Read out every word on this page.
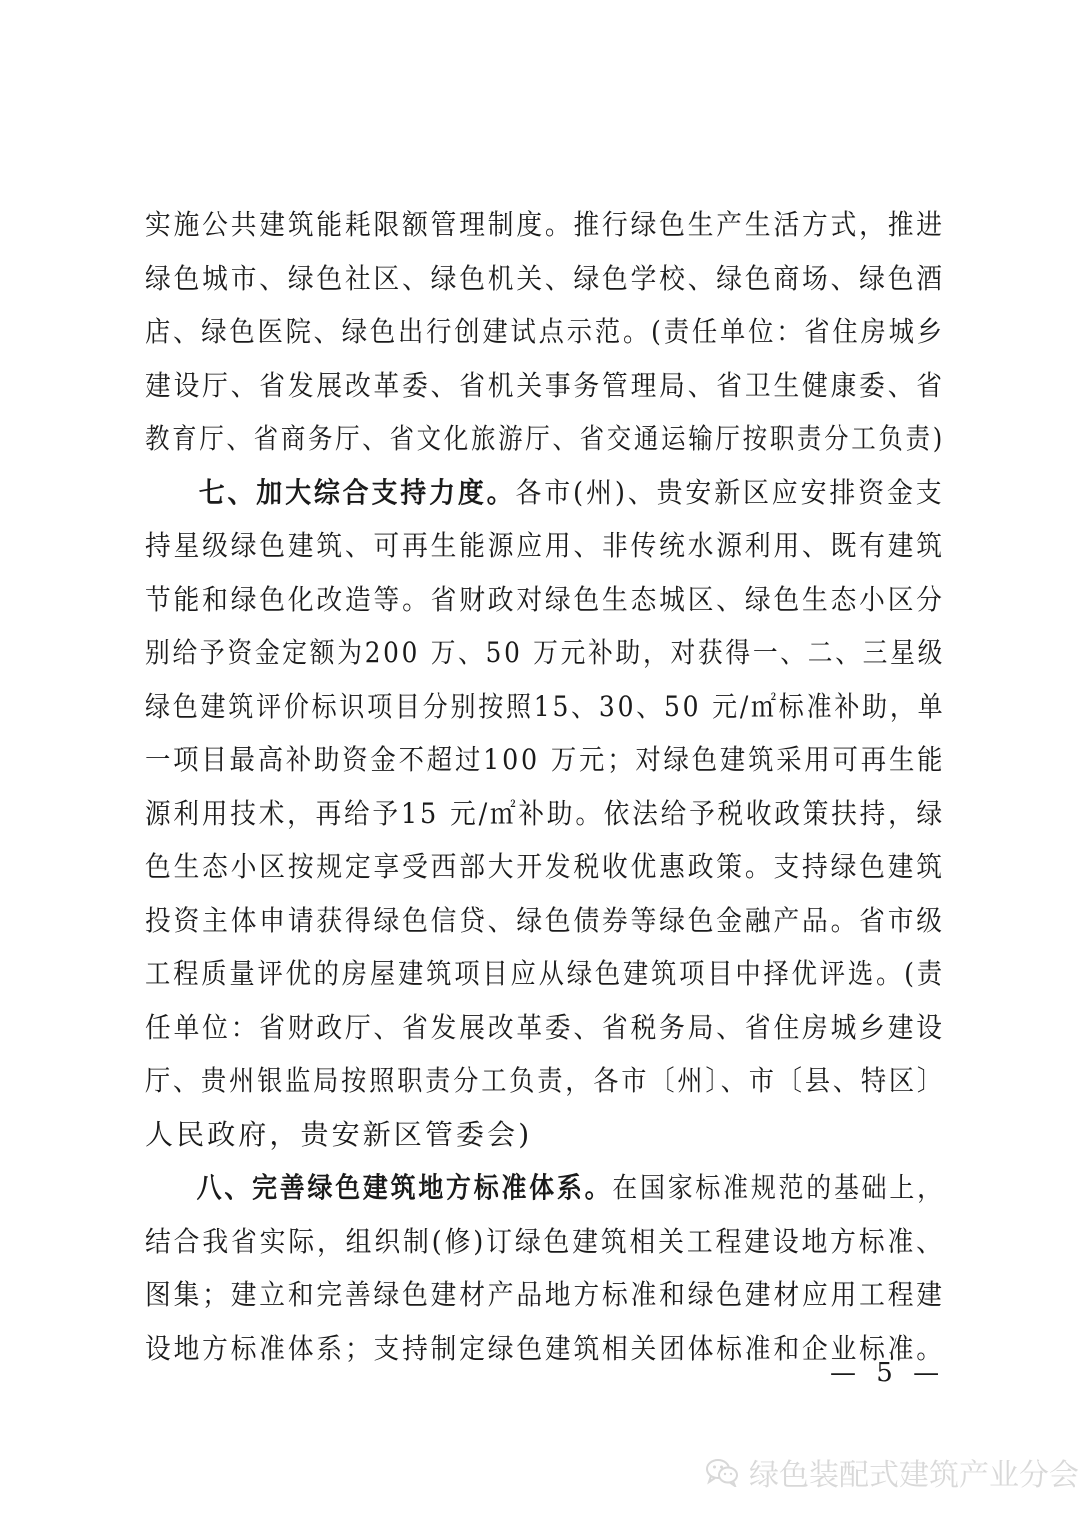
实施公共建筑能耗限额管理制度。推行绿色生产生活方式，推进
绿色城市、绿色社区、绿色机关、绿色学校、绿色商场、绿色酒
店、绿色医院、绿色出行创建试点示范。(责任单位：省住房城乡
建设厅、省发展改革委、省机关事务管理局、省卫生健康委、省
教育厅、省商务厅、省文化旅游厅、省交通运输厅按职责分工负责)
七、加大综合支持力度。各市(州)、贵安新区应安排资金支
持星级绿色建筑、可再生能源应用、非传统水源利用、既有建筑
节能和绿色化改造等。省财政对绿色生态城区、绿色生态小区分
别给予资金定额为200 万、50 万元补助，对获得一、二、三星级
绿色建筑评价标识项目分别按照15、30、50 元/㎡标准补助，单
一项目最高补助资金不超过100 万元；对绿色建筑采用可再生能
源利用技术，再给予15 元/㎡补助。依法给予税收政策扶持，绿
色生态小区按规定享受西部大开发税收优惠政策。支持绿色建筑
投资主体申请获得绿色信贷、绿色债券等绿色金融产品。省市级
工程质量评优的房屋建筑项目应从绿色建筑项目中择优评选。(责
任单位：省财政厅、省发展改革委、省税务局、省住房城乡建设
厅、贵州银监局按照职责分工负责，各市〔州〕、市〔县、特区〕
人民政府，贵安新区管委会)
八、完善绿色建筑地方标准体系。在国家标准规范的基础上，
结合我省实际，组织制(修)订绿色建筑相关工程建设地方标准、
图集；建立和完善绿色建材产品地方标准和绿色建材应用工程建
设地方标准体系；支持制定绿色建筑相关团体标准和企业标准。
— 5 —
绿色装配式建筑产业分会
